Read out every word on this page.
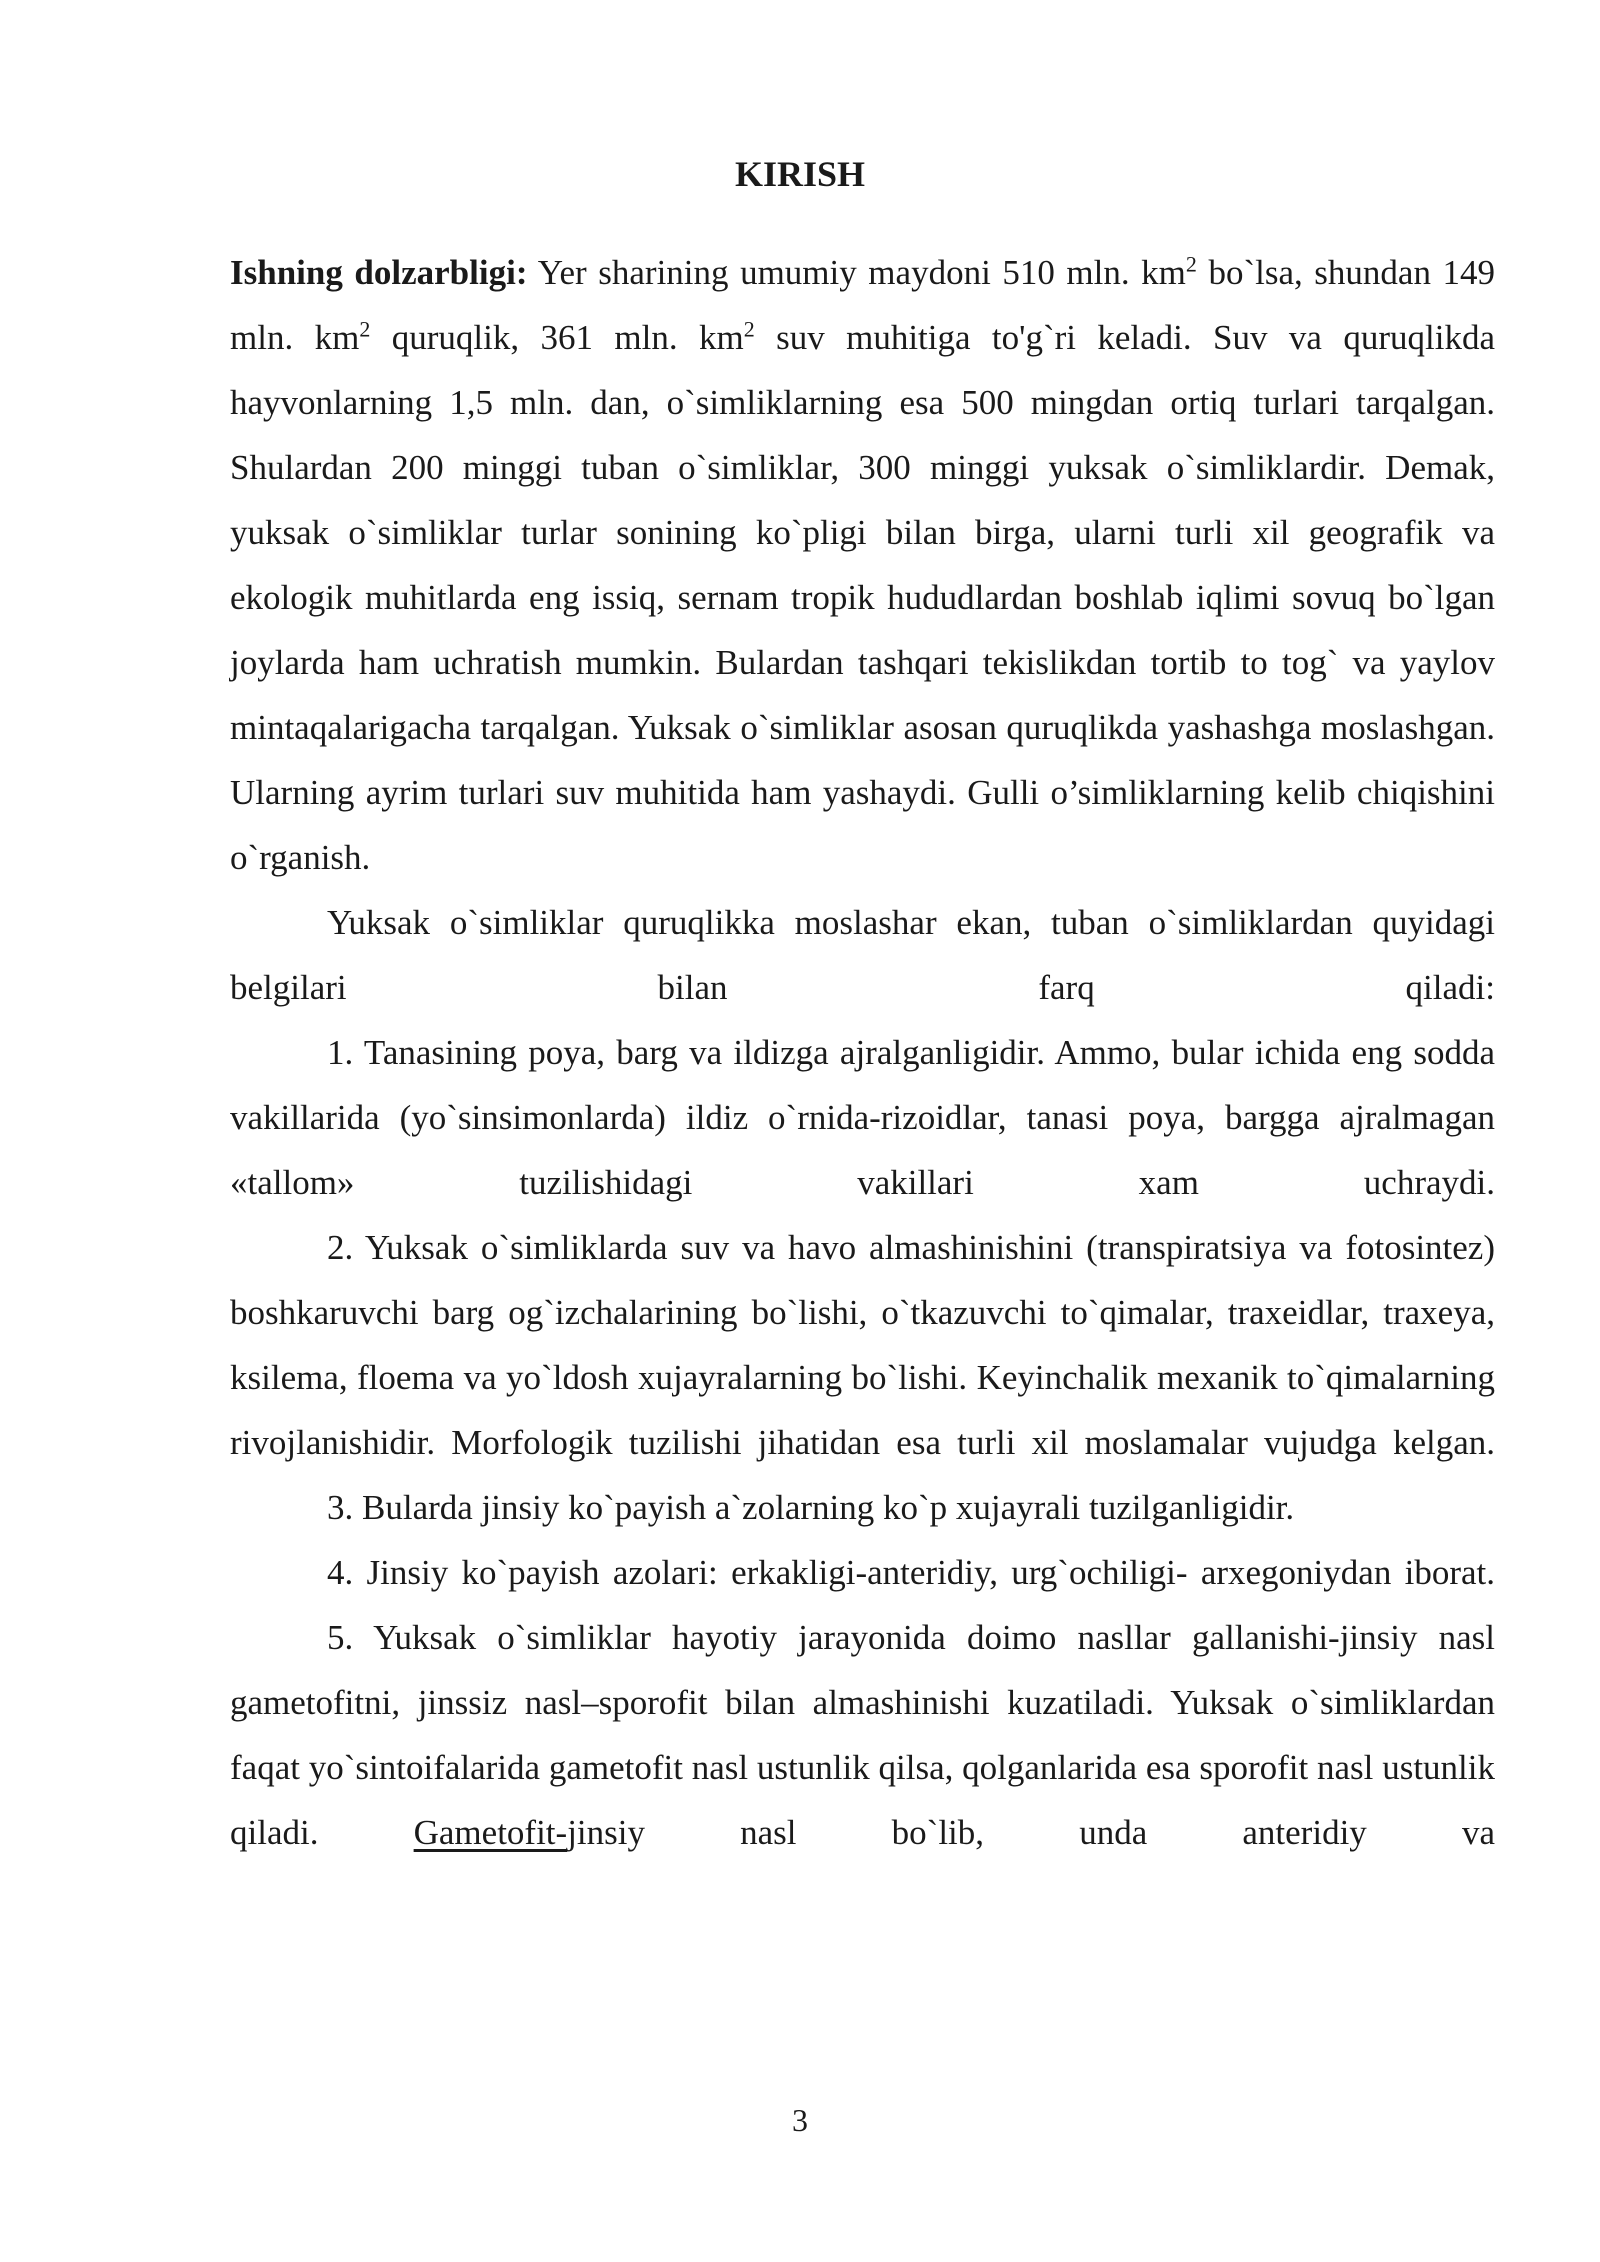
KIRISH

Ishning dolzarbligi: Yer sharining umumiy maydoni 510 mln. $km^2$ bo`lsa, shundan 149 mln. $km^2$ quruqlik, 361 mln. $km^2$ suv muhitiga to'g`ri keladi. Suv va quruqlikda hayvonlarning 1,5 mln. dan, o`simliklarning esa 500 mingdan ortiq turlari tarqalgan. Shulardan 200 minggi tuban o`simliklar, 300 minggi yuksak o`simliklardir. Demak, yuksak o`simliklar turlar sonining ko`pligi bilan birga, ularni turli xil geografik va ekologik muhitlarda eng issiq, sernam tropik hududlardan boshlab iqlimi sovuq bo`lgan joylarda ham uchratish mumkin. Bulardan tashqari tekislikdan tortib to tog` va yaylov mintaqalarigacha tarqalgan. Yuksak o`simliklar asosan quruqlikda yashashga moslashgan. Ularning ayrim turlari suv muhitida ham yashaydi. Gulli o’simliklarning kelib chiqishini o`rganish.

Yuksak o`simliklar quruqlikka moslashar ekan, tuban o`simliklardan quyidagi belgilari bilan farq qiladi:

1. Tanasining poya, barg va ildizga ajralganligidir. Ammo, bular ichida eng sodda vakillarida (yo`sinsimonlarda) ildiz o`rnida-rizoidlar, tanasi poya, bargga ajralmagan «tallom» tuzilishidagi vakillari xam uchraydi.

2. Yuksak o`simliklarda suv va havo almashinishini (transpiratsiya va fotosintez) boshkaruvchi barg og`izchalarining bo`lishi, o`tkazuvchi to`qimalar, traxeidlar, traxeya, ksilema, floema va yo`ldosh xujayralarning bo`lishi. Keyinchalik mexanik to`qimalarning rivojlanishidir. Morfologik tuzilishi jihatidan esa turli xil moslamalar vujudga kelgan.

3. Bularda jinsiy ko`payish a`zolarning ko`p xujayrali tuzilganligidir.

4. Jinsiy ko`payish azolari: erkakligi-anteridiy, urg`ochiligi- arxegoniydan iborat.

5. Yuksak o`simliklar hayotiy jarayonida doimo nasllar gallanishi-jinsiy nasl gametofitni, jinssiz nasl–sporofit bilan almashinishi kuzatiladi. Yuksak o`simliklardan faqat yo`sintoifalarida gametofit nasl ustunlik qilsa, qolganlarida esa sporofit nasl ustunlik qiladi. Gametofit-jinsiy nasl bo`lib, unda anteridiy va

3
